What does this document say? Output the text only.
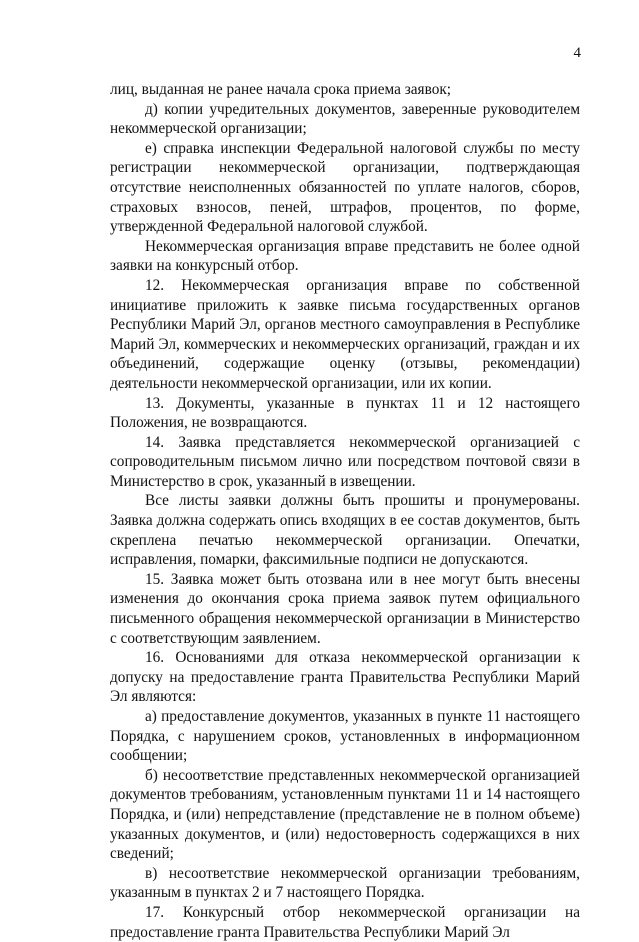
4

лиц, выданная не ранее начала срока приема заявок;

д) копии учредительных документов, заверенные руководителем некоммерческой организации;

е) справка инспекции Федеральной налоговой службы по месту регистрации некоммерческой организации, подтверждающая отсутствие неисполненных обязанностей по уплате налогов, сборов, страховых взносов, пеней, штрафов, процентов, по форме, утвержденной Федеральной налоговой службой.

Некоммерческая организация вправе представить не более одной заявки на конкурсный отбор.

12. Некоммерческая организация вправе по собственной инициативе приложить к заявке письма государственных органов Республики Марий Эл, органов местного самоуправления в Республике Марий Эл, коммерческих и некоммерческих организаций, граждан и их объединений, содержащие оценку (отзывы, рекомендации) деятельности некоммерческой организации, или их копии.

13. Документы, указанные в пунктах 11 и 12 настоящего Положения, не возвращаются.

14. Заявка представляется некоммерческой организацией с сопроводительным письмом лично или посредством почтовой связи в Министерство в срок, указанный в извещении.

Все листы заявки должны быть прошиты и пронумерованы. Заявка должна содержать опись входящих в ее состав документов, быть скреплена печатью некоммерческой организации. Опечатки, исправления, помарки, факсимильные подписи не допускаются.

15. Заявка может быть отозвана или в нее могут быть внесены изменения до окончания срока приема заявок путем официального письменного обращения некоммерческой организации в Министерство с соответствующим заявлением.

16. Основаниями для отказа некоммерческой организации к допуску на предоставление гранта Правительства Республики Марий Эл являются:

а) предоставление документов, указанных в пункте 11 настоящего Порядка, с нарушением сроков, установленных в информационном сообщении;

б) несоответствие представленных некоммерческой организацией документов требованиям, установленным пунктами 11 и 14 настоящего Порядка, и (или) непредставление (представление не в полном объеме) указанных документов, и (или) недостоверность содержащихся в них сведений;

в) несоответствие некоммерческой организации требованиям, указанным в пунктах 2 и 7 настоящего Порядка.

17. Конкурсный отбор некоммерческой организации на предоставление гранта Правительства Республики Марий Эл
